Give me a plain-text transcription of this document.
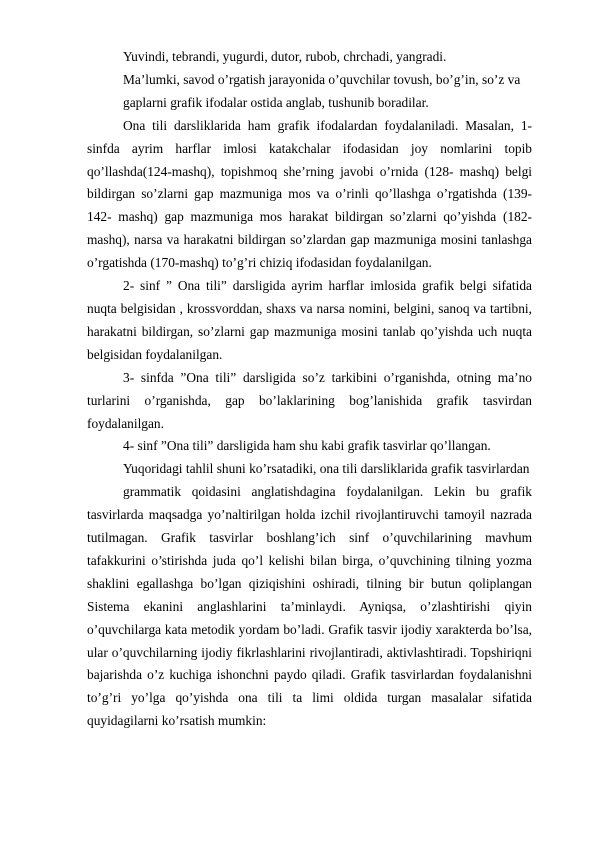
Yuvindi, tebrandi, yugurdi, dutor, rubob, chrchadi, yangradi.

Ma’lumki, savod o’rgatish jarayonida o’quvchilar tovush, bo’g’in, so’z va

gaplarni grafik ifodalar ostida anglab, tushunib boradilar.

Ona tili darsliklarida ham grafik ifodalardan foydalaniladi. Masalan, 1-sinfda ayrim harflar imlosi katakchalar ifodasidan joy nomlarini topib qo’llashda(124-mashq), topishmoq she’rning javobi o’rnida (128- mashq) belgi bildirgan so’zlarni gap mazmuniga mos va o’rinli qo’llashga o’rgatishda (139- 142- mashq) gap mazmuniga mos harakat bildirgan so’zlarni qo’yishda (182- mashq), narsa va harakatni bildirgan so’zlardan gap mazmuniga mosini tanlashga o’rgatishda (170-mashq) to’g’ri chiziq ifodasidan foydalanilgan.

2- sinf ” Ona tili” darsligida ayrim harflar imlosida grafik belgi sifatida nuqta belgisidan , krossvorddan, shaxs va narsa nomini, belgini, sanoq va tartibni, harakatni bildirgan, so’zlarni gap mazmuniga mosini tanlab qo’yishda uch nuqta belgisidan foydalanilgan.

3- sinfda ”Ona tili” darsligida so’z tarkibini o’rganishda, otning ma’no turlarini o’rganishda, gap bo’laklarining bog’lanishida grafik tasvirdan foydalanilgan.

4- sinf ”Ona tili” darsligida ham shu kabi grafik tasvirlar qo’llangan.

Yuqoridagi tahlil shuni ko’rsatadiki, ona tili darsliklarida grafik tasvirlardan

grammatik qoidasini anglatishdagina foydalanilgan. Lekin bu grafik tasvirlarda maqsadga yo’naltirilgan holda izchil rivojlantiruvchi tamoyil nazrada tutilmagan. Grafik tasvirlar boshlang’ich sinf o’quvchilarining mavhum tafakkurini o’stirishda juda qo’l kelishi bilan birga, o’quvchining tilning yozma shaklini egallashga bo’lgan qiziqishini oshiradi, tilning bir butun qoliplangan Sistema ekanini anglashlarini ta’minlaydi. Ayniqsa, o’zlashtirishi qiyin o’quvchilarga kata metodik yordam bo’ladi. Grafik tasvir ijodiy xarakterda bo’lsa, ular o’quvchilarning ijodiy fikrlashlarini rivojlantiradi, aktivlashtiradi. Topshiriqni bajarishda o’z kuchiga ishonchni paydo qiladi. Grafik tasvirlardan foydalanishni to’g’ri yo’lga qo’yishda ona tili ta limi oldida turgan masalalar sifatida quyidagilarni ko’rsatish mumkin:
